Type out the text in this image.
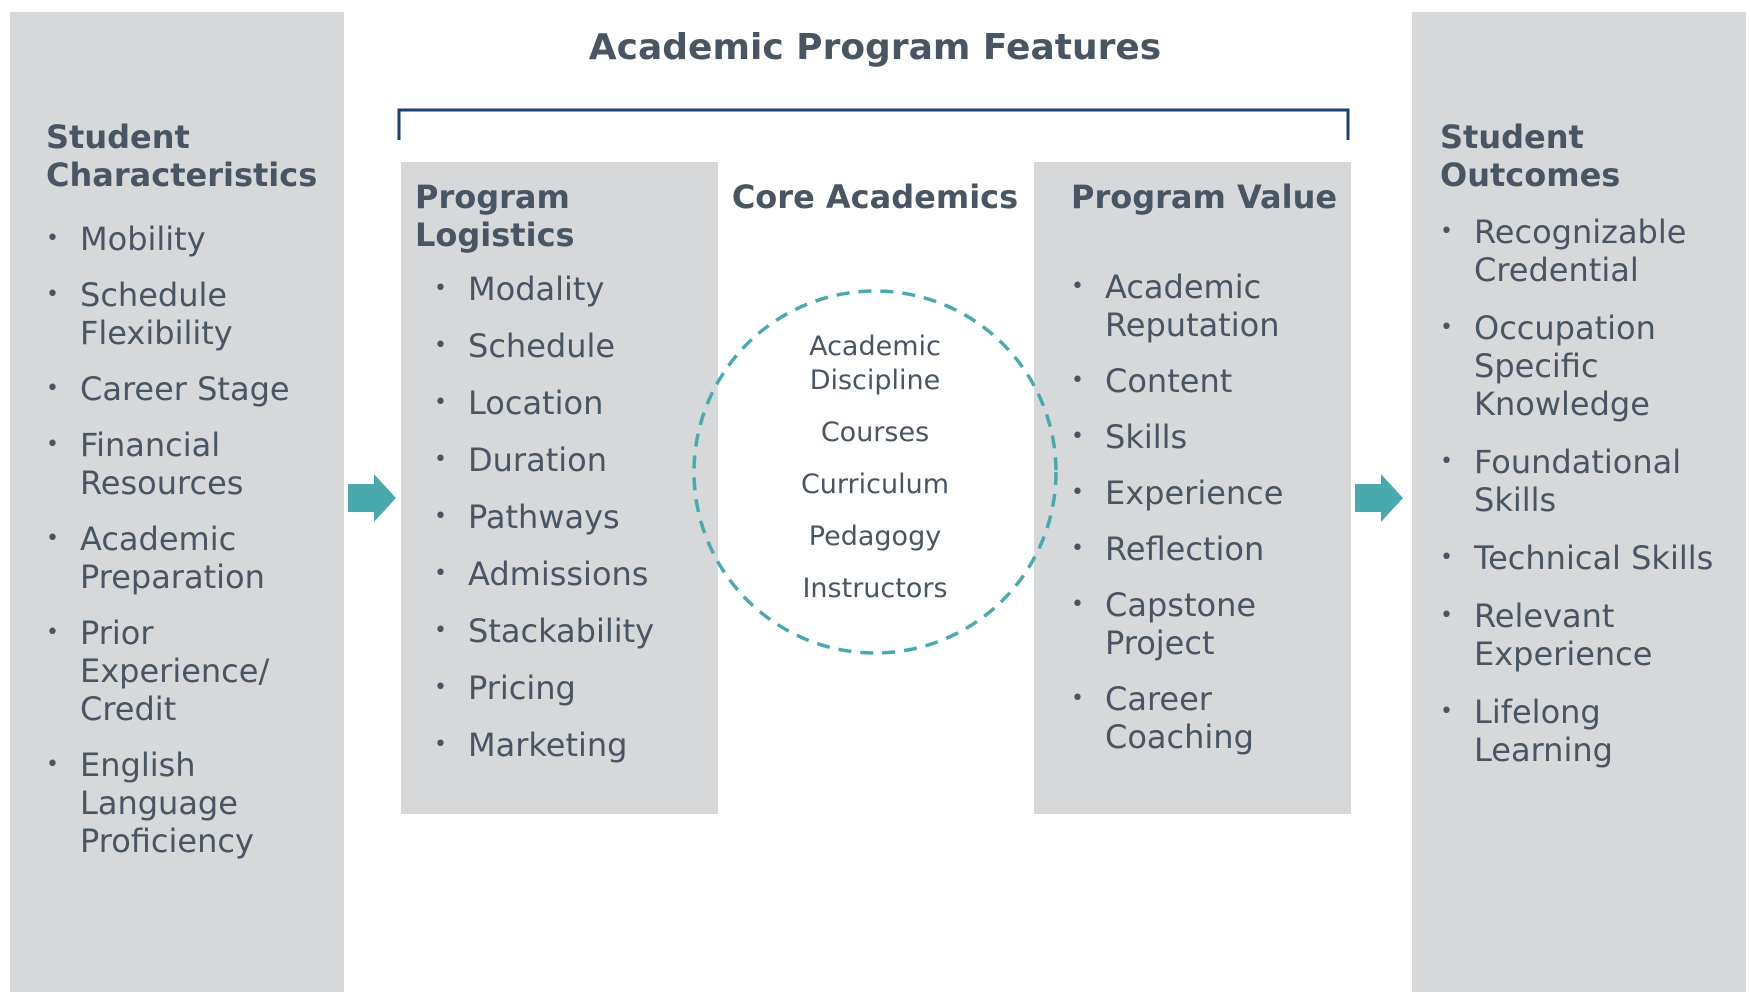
Academic Program Features
Student Characteristics
• Mobility
• Schedule Flexibility
• Career Stage
• Financial Resources
• Academic Preparation
• Prior Experience/ Credit
• English Language Proficiency
Program Logistics
• Modality
• Schedule
• Location
• Duration
• Pathways
• Admissions
• Stackability
• Pricing
• Marketing
Core Academics
Academic Discipline
Courses
Curriculum
Pedagogy
Instructors
Program Value
• Academic Reputation
• Content
• Skills
• Experience
• Reflection
• Capstone Project
• Career Coaching
Student Outcomes
• Recognizable Credential
• Occupation Specific Knowledge
• Foundational Skills
• Technical Skills
• Relevant Experience
• Lifelong Learning
